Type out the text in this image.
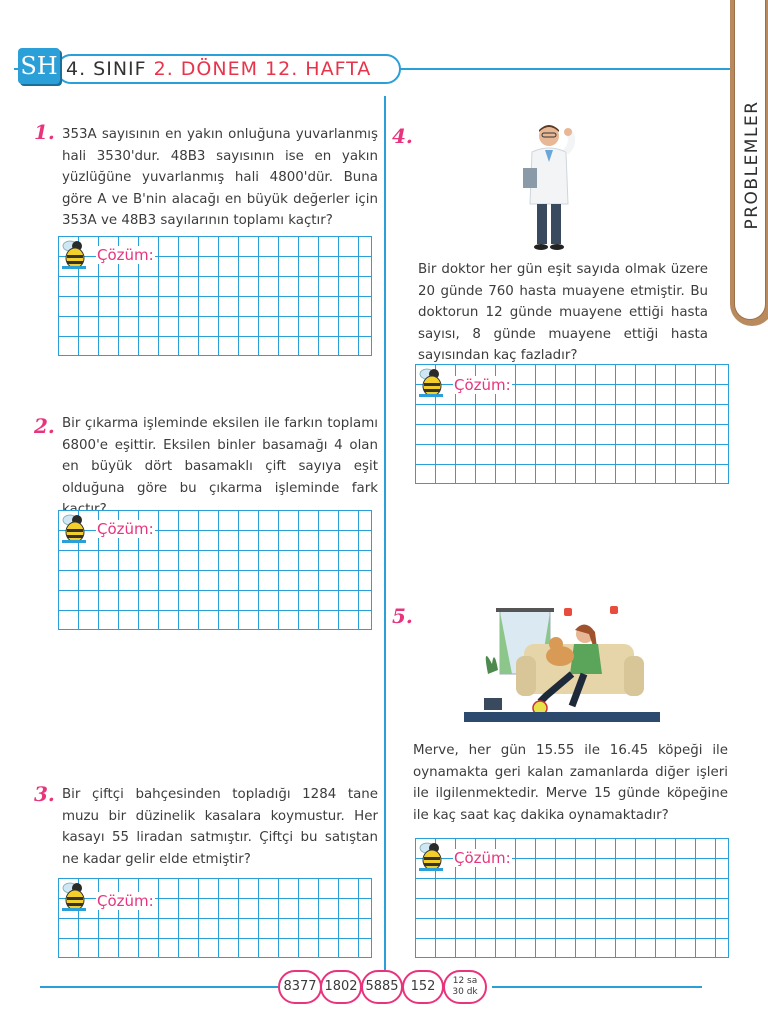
4. SINIF 2. DÖNEM 12. HAFTA
SH
PROBLEMLER
1. 353A sayısının en yakın onluğuna yuvarlanmış hali 3530'dur. 48B3 sayısının ise en yakın yüzlüğüne yuvarlanmış hali 4800'dür. Buna göre A ve B'nin alacağı en büyük değerler için 353A ve 48B3 sayılarının toplamı kaçtır?
2. Bir çıkarma işleminde eksilen ile farkın toplamı 6800'e eşittir. Eksilen binler basamağı 4 olan en büyük dört basamaklı çift sayıya eşit olduğuna göre bu çıkarma işleminde fark
3. Bir çiftçi bahçesinden topladığı 1284 tane muzu bir düzinelik kasalara koymustur. Her kasayı 55 liradan satmıştır. Çiftçi bu satıştan ne kadar gelir elde etmiştir?
4.
Bir doktor her gün eşit sayıda olmak üzere 20 günde 760 hasta muayene etmiştir. Bu doktorun 12 günde muayene ettiği hasta sayısı, 8 günde muayene ettiği hasta sayısından kaç fazladır?
5.
Merve, her gün 15.55 ile 16.45 köpeği ile oynamakta geri kalan zamanlarda diğer işleri ile ilgilenmektedir. Merve 15 günde köpeğine ile kaç saat kaç dakika oynamaktadır?
Çözüm:
Çözüm:
Çözüm:
Çözüm:
Çözüm:
8377 1802 5885 152	12 sa
30 dk
